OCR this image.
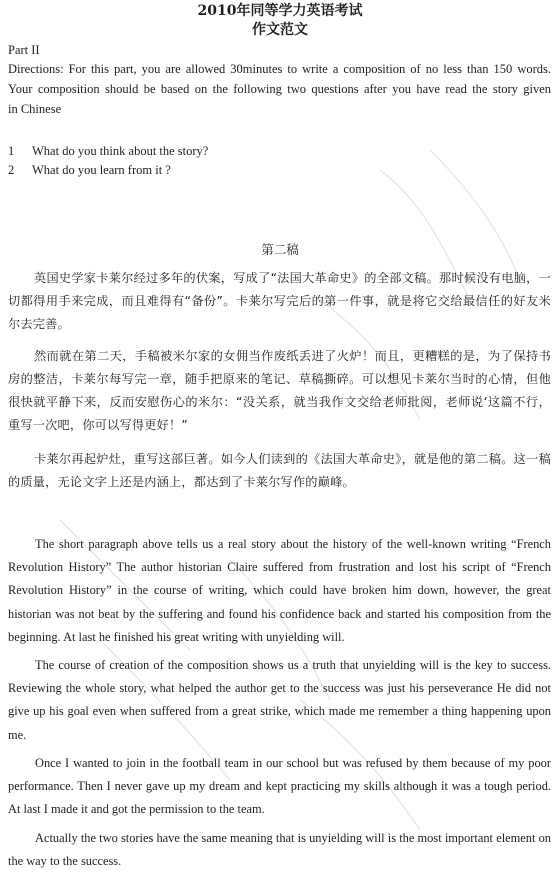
2010年同等学力英语考试
作文范文
Part II
Directions: For this part, you are allowed 30minutes to write a composition of no less than 150 words.
Your composition should be based on the following two questions after you have read the story given
in Chinese
1 What do you think about the story?
2 What do you learn from it ?
第二稿

英国史学家卡莱尔经过多年的伏案，写成了“法国大革命史》的全部文稿。那时候没有电脑，一切都得用手来完成，而且难得有“备份”。卡莱尔写完后的第一件事，就是将它交给最信任的好友米尔去完善。

然而就在第二天，手稿被米尔家的女佣当作废纸丢进了火炉！而且，更糟糕的是，为了保持书房的整洁，卡莱尔每写完一章，随手把原来的笔记、草稿撕碎。可以想见卡莱尔当时的心情，但他很快就平静下来，反而安慰伤心的米尔：“没关系，就当我作文交给老师批阅，老师说‘这篇不行，重写一次吧，你可以写得更好！”

卡莱尔再起炉灶，重写这部巨著。如今人们读到的《法国大革命史》，就是他的第二稿。这一稿的质量，无论文字上还是内涵上，都达到了卡莱尔写作的巅峰。

The short paragraph above tells us a real story about the history of the well-known writing “French Revolution History” The author historian Claire suffered from frustration and lost his script of “French Revolution History” in the course of writing, which could have broken him down, however, the great historian was not beat by the suffering and found his confidence back and started his composition from the beginning. At last he finished his great writing with unyielding will.

The course of creation of the composition shows us a truth that unyielding will is the key to success. Reviewing the whole story, what helped the author get to the success was just his perseverance He did not give up his goal even when suffered from a great strike, which made me remember a thing happening upon me.

Once I wanted to join in the football team in our school but was refused by them because of my poor performance. Then I never gave up my dream and kept practicing my skills although it was a tough period. At last I made it and got the permission to the team.

Actually the two stories have the same meaning that is unyielding will is the most important element on the way to the success.
